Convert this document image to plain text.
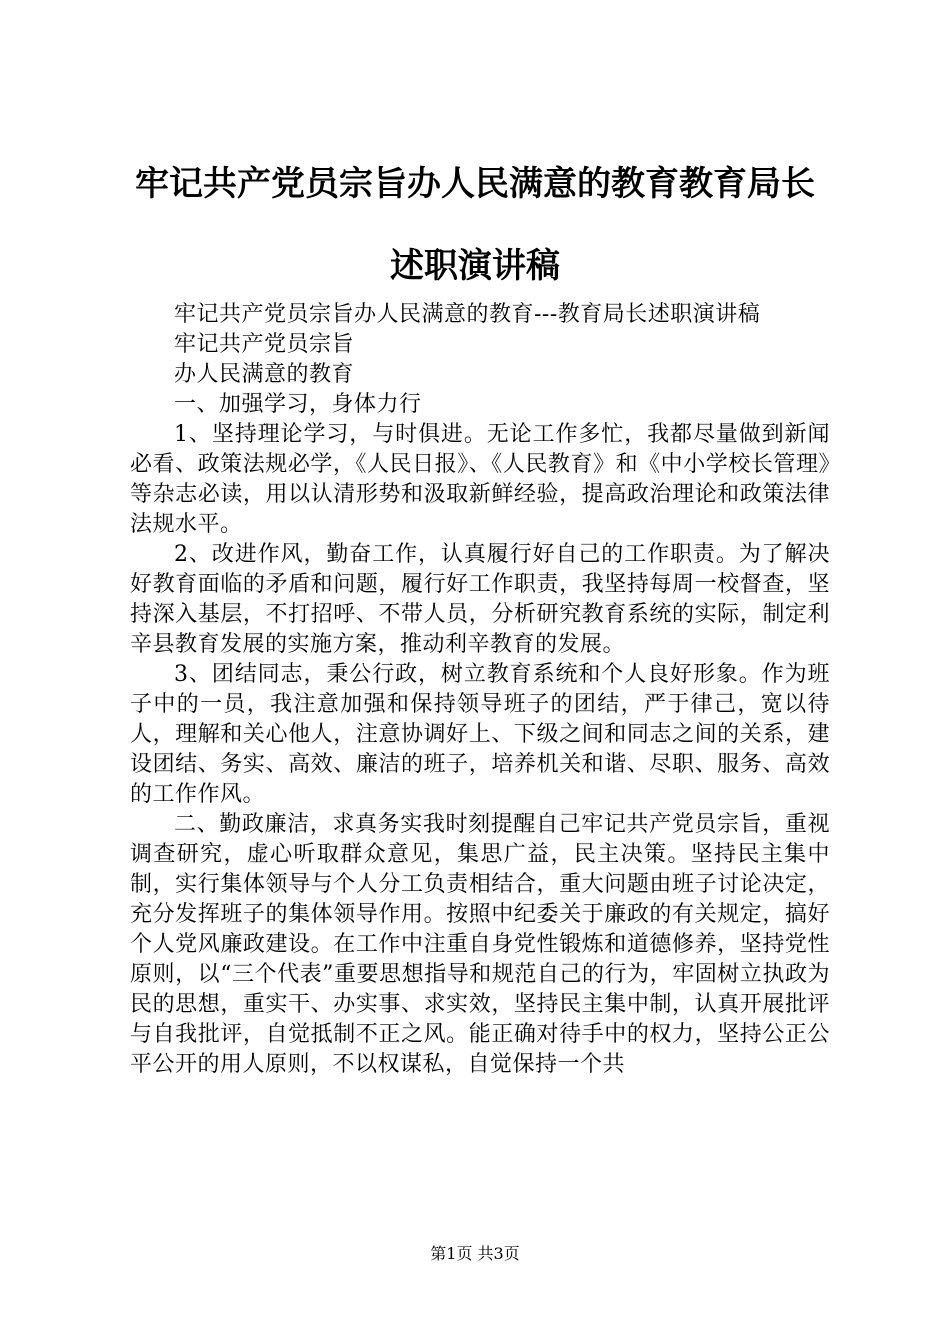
牢记共产党员宗旨办人民满意的教育教育局长
述职演讲稿

牢记共产党员宗旨办人民满意的教育---教育局长述职演讲稿

牢记共产党员宗旨

办人民满意的教育

一、加强学习，身体力行

1、坚持理论学习，与时俱进。无论工作多忙，我都尽量做到新闻必看、政策法规必学，《人民日报》、《人民教育》和《中小学校长管理》等杂志必读，用以认清形势和汲取新鲜经验，提高政治理论和政策法律法规水平。

2、改进作风，勤奋工作，认真履行好自己的工作职责。为了解决好教育面临的矛盾和问题，履行好工作职责，我坚持每周一校督查，坚持深入基层，不打招呼、不带人员，分析研究教育系统的实际，制定利辛县教育发展的实施方案，推动利辛教育的发展。

3、团结同志，秉公行政，树立教育系统和个人良好形象。作为班子中的一员，我注意加强和保持领导班子的团结，严于律己，宽以待人，理解和关心他人，注意协调好上、下级之间和同志之间的关系，建设团结、务实、高效、廉洁的班子，培养机关和谐、尽职、服务、高效的工作作风。

二、勤政廉洁，求真务实我时刻提醒自己牢记共产党员宗旨，重视调查研究，虚心听取群众意见，集思广益，民主决策。坚持民主集中制，实行集体领导与个人分工负责相结合，重大问题由班子讨论决定，充分发挥班子的集体领导作用。按照中纪委关于廉政的有关规定，搞好个人党风廉政建设。在工作中注重自身党性锻炼和道德修养，坚持党性原则，以“三个代表”重要思想指导和规范自己的行为，牢固树立执政为民的思想，重实干、办实事、求实效，坚持民主集中制，认真开展批评与自我批评，自觉抵制不正之风。能正确对待手中的权力，坚持公正公平公开的用人原则，不以权谋私，自觉保持一个共

第1页 共3页
